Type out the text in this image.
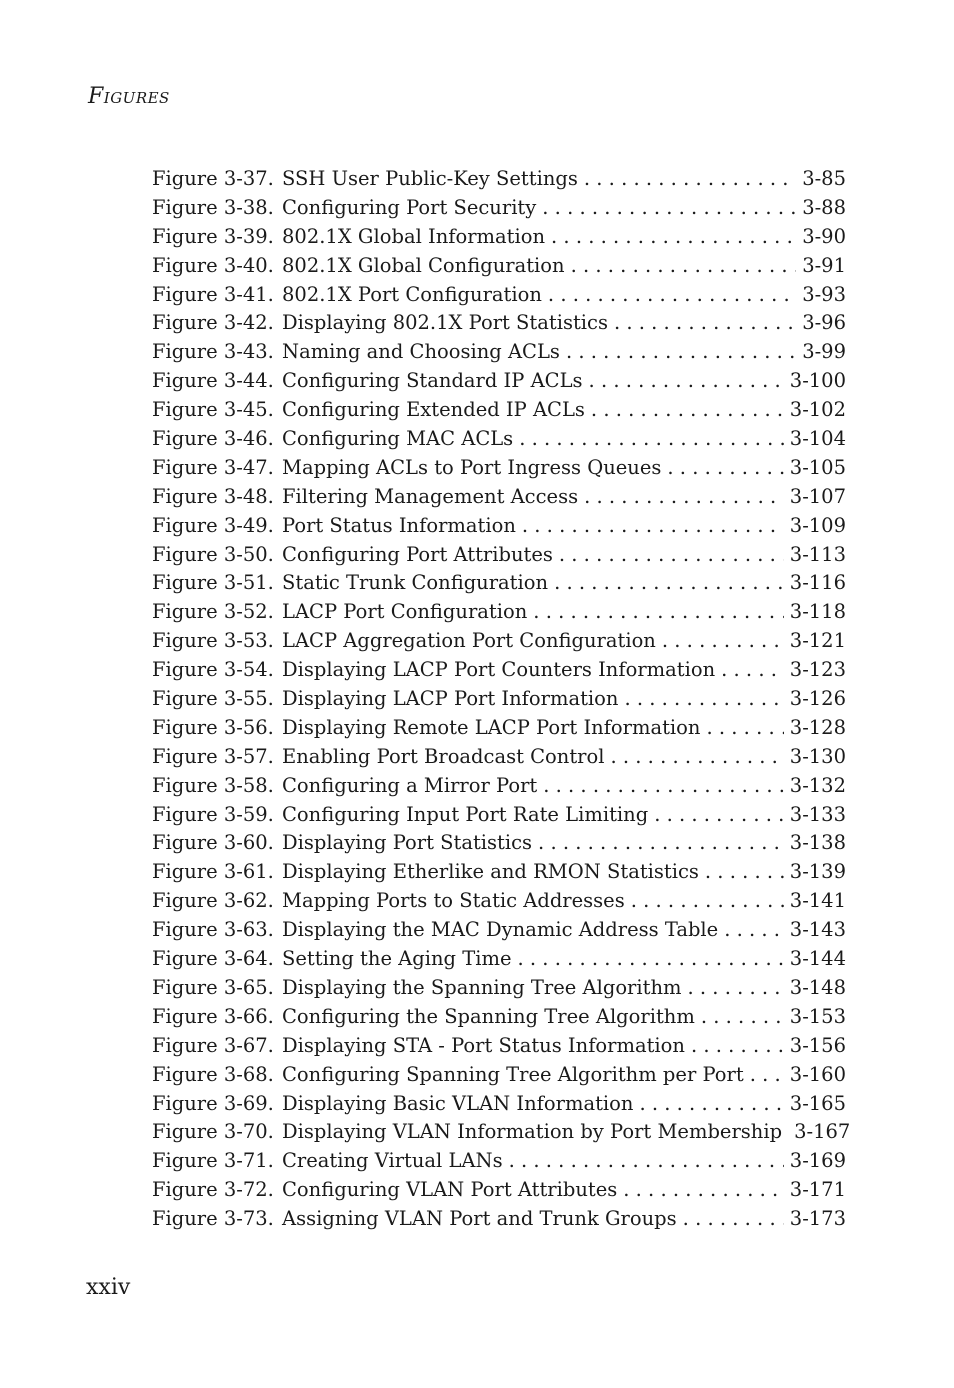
Figures
Figure 3-37. SSH User Public-Key Settings . . .	3-85
Figure 3-38. Configuring Port Security . . .	3-88
Figure 3-39. 802.1X Global Information . . .	3-90
Figure 3-40. 802.1X Global Configuration . . .	3-91
Figure 3-41. 802.1X Port Configuration . . .	3-93
Figure 3-42. Displaying 802.1X Port Statistics . . .	3-96
Figure 3-43. Naming and Choosing ACLs . . .	3-99
Figure 3-44. Configuring Standard IP ACLs . . .	3-100
Figure 3-45. Configuring Extended IP ACLs . . .	3-102
Figure 3-46. Configuring MAC ACLs . . .	3-104
Figure 3-47. Mapping ACLs to Port Ingress Queues . . .	3-105
Figure 3-48. Filtering Management Access . . .	3-107
Figure 3-49. Port Status Information . . .	3-109
Figure 3-50. Configuring Port Attributes . . .	3-113
Figure 3-51. Static Trunk Configuration . . .	3-116
Figure 3-52. LACP Port Configuration . . .	3-118
Figure 3-53. LACP Aggregation Port Configuration . . .	3-121
Figure 3-54. Displaying LACP Port Counters Information . . .	3-123
Figure 3-55. Displaying LACP Port Information . . .	3-126
Figure 3-56. Displaying Remote LACP Port Information . . .	3-128
Figure 3-57. Enabling Port Broadcast Control . . .	3-130
Figure 3-58. Configuring a Mirror Port . . .	3-132
Figure 3-59. Configuring Input Port Rate Limiting . . .	3-133
Figure 3-60. Displaying Port Statistics . . .	3-138
Figure 3-61. Displaying Etherlike and RMON Statistics . . .	3-139
Figure 3-62. Mapping Ports to Static Addresses . . .	3-141
Figure 3-63. Displaying the MAC Dynamic Address Table . . .	3-143
Figure 3-64. Setting the Aging Time . . .	3-144
Figure 3-65. Displaying the Spanning Tree Algorithm . . .	3-148
Figure 3-66. Configuring the Spanning Tree Algorithm . . .	3-153
Figure 3-67. Displaying STA - Port Status Information . . .	3-156
Figure 3-68. Configuring Spanning Tree Algorithm per Port . . . 3-160
Figure 3-69. Displaying Basic VLAN Information . . .	3-165
Figure 3-70. Displaying VLAN Information by Port Membership 3-167
Figure 3-71. Creating Virtual LANs . . .	3-169
Figure 3-72. Configuring VLAN Port Attributes . . .	3-171
Figure 3-73. Assigning VLAN Port and Trunk Groups . . .	3-173
xxiv
